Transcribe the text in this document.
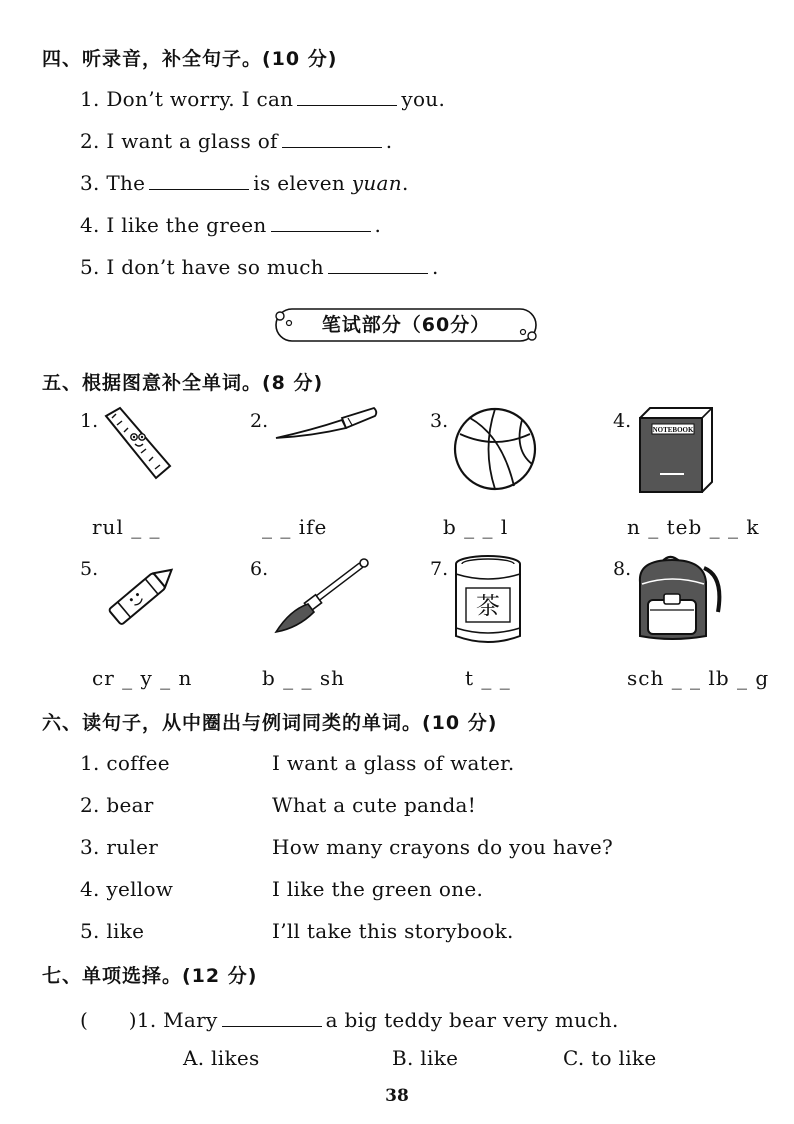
四、听录音，补全句子。(10 分)
1. Don’t worry. I can	you.
2. I want a glass of	.
3. The	is eleven yuan.
4. I like the green	.
5. I don’t have so much	.
笔试部分（60分）
五、根据图意补全单词。(8 分)
1.	2.	3.	4.	NOTEBOOK
rul _ _	_ _ ife	b _ _ l	n _ teb _ _ k
5.	6.	7.	8.
茶
cr _ y _ n	b _ _ sh	t _ _	sch _ _ lb _ g
六、读句子，从中圈出与例词同类的单词。(10 分)
1. coffee	I want a glass of water.
2. bear	What a cute panda!
3. ruler	How many crayons do you have?
4. yellow	I like the green one.
5. like	I’ll take this storybook.
七、单项选择。(12 分)
(　　)1. Mary	a big teddy bear very much.
A. likes	B. like	C. to like
38
